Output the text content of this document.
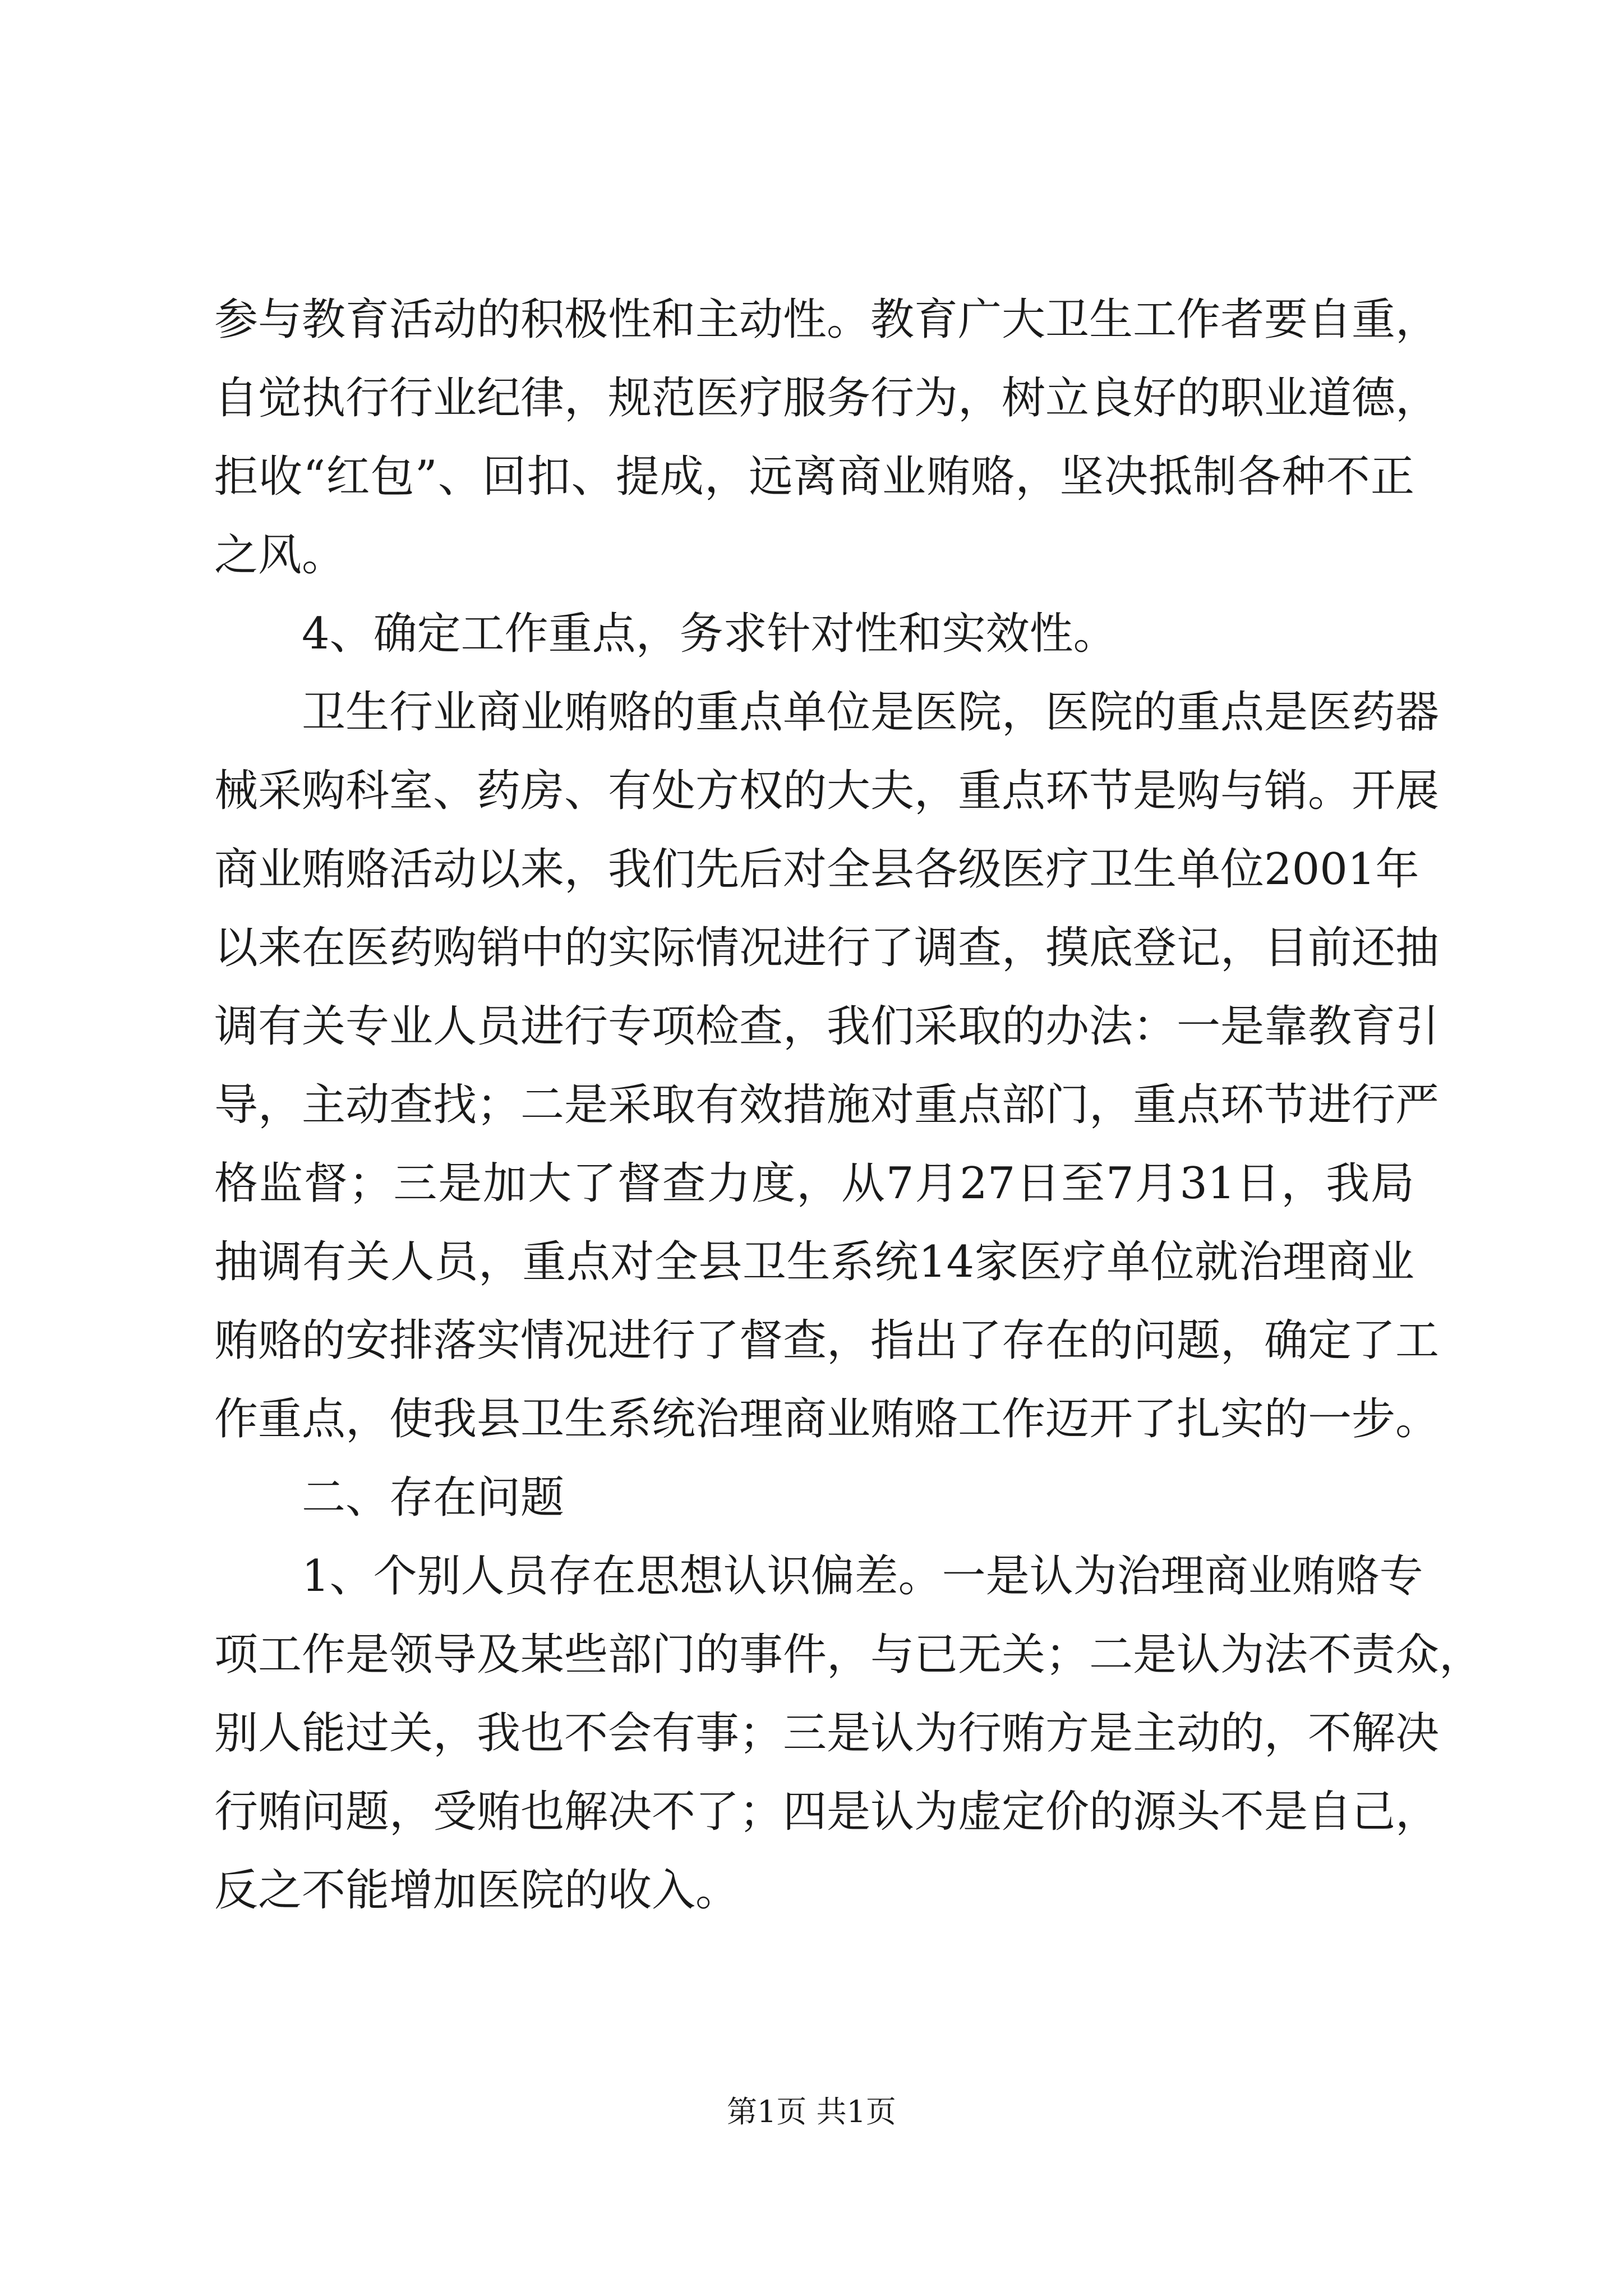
参与教育活动的积极性和主动性。教育广大卫生工作者要自重，
自觉执行行业纪律，规范医疗服务行为，树立良好的职业道德，
拒收“红包”、回扣、提成，远离商业贿赂，坚决抵制各种不正
之风。
4、确定工作重点，务求针对性和实效性。
卫生行业商业贿赂的重点单位是医院，医院的重点是医药器
械采购科室、药房、有处方权的大夫，重点环节是购与销。开展
商业贿赂活动以来，我们先后对全县各级医疗卫生单位2001年
以来在医药购销中的实际情况进行了调查，摸底登记，目前还抽
调有关专业人员进行专项检查，我们采取的办法：一是靠教育引
导，主动查找；二是采取有效措施对重点部门，重点环节进行严
格监督；三是加大了督查力度，从7月27日至7月31日，我局
抽调有关人员，重点对全县卫生系统14家医疗单位就治理商业
贿赂的安排落实情况进行了督查，指出了存在的问题，确定了工
作重点，使我县卫生系统治理商业贿赂工作迈开了扎实的一步。
二、存在问题
1、个别人员存在思想认识偏差。一是认为治理商业贿赂专
项工作是领导及某些部门的事件，与已无关；二是认为法不责众，
别人能过关，我也不会有事；三是认为行贿方是主动的，不解决
行贿问题，受贿也解决不了；四是认为虚定价的源头不是自己，
反之不能增加医院的收入。
第1页 共1页
